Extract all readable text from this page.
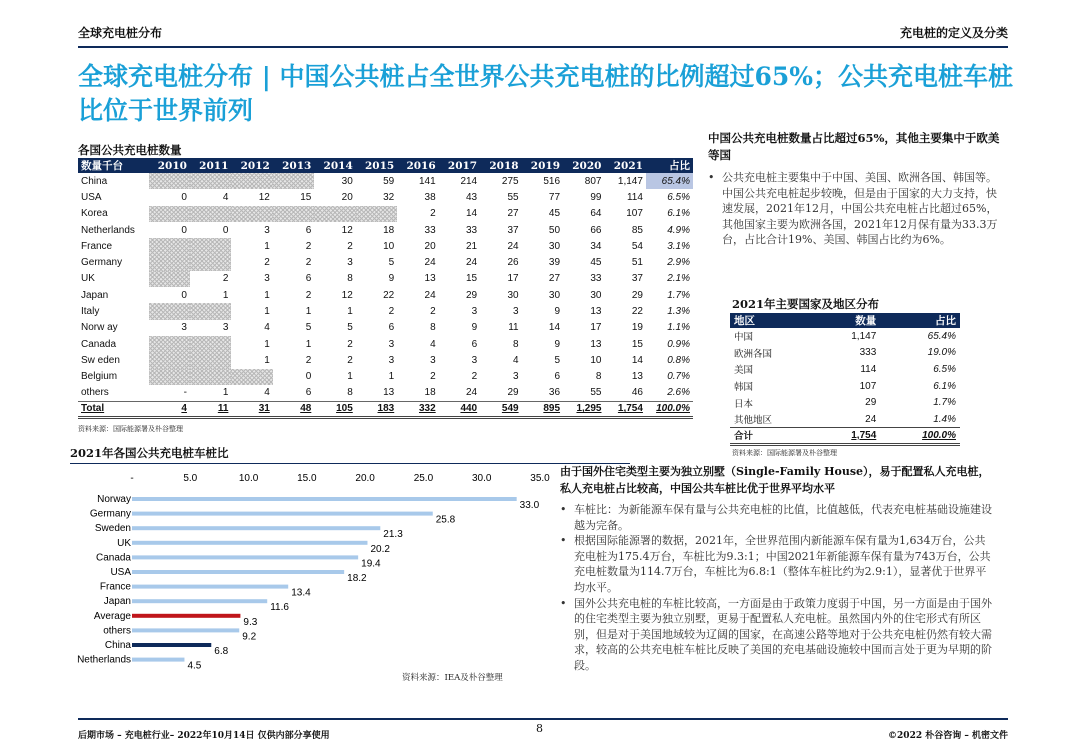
全球充电桩分布	充电桩的定义及分类
全球充电桩分布 | 中国公共桩占全世界公共充电桩的比例超过65%；公共充电桩车桩比位于世界前列
各国公共充电桩数量
数量千台	2010	2011	2012	2013	2014	2015	2016	2017	2018	2019	2020	2021	占比
China					30	59	141	214	275	516	807	1,147	65.4%
USA	0	4	12	15	20	32	38	43	55	77	99	114	6.5%
Korea							2	14	27	45	64	107	6.1%
Netherlands	0	0	3	6	12	18	33	33	37	50	66	85	4.9%
France			1	2	2	10	20	21	24	30	34	54	3.1%
Germany			2	2	3	5	24	24	26	39	45	51	2.9%
UK		2	3	6	8	9	13	15	17	27	33	37	2.1%
Japan	0	1	1	2	12	22	24	29	30	30	30	29	1.7%
Italy			1	1	1	2	2	3	3	9	13	22	1.3%
Norw ay	3	3	4	5	5	6	8	9	11	14	17	19	1.1%
Canada			1	1	2	3	4	6	8	9	13	15	0.9%
Sw eden			1	2	2	3	3	3	4	5	10	14	0.8%
Belgium				0	1	1	2	2	3	6	8	13	0.7%
others	-	1	4	6	8	13	18	24	29	36	55	46	2.6%
Total	4	11	31	48	105	183	332	440	549	895	1,295	1,754	100.0%
资料来源：国际能源署及朴谷整理
2021年各国公共充电桩车桩比
-	5.0	10.0	15.0	20.0	25.0	30.0	35.0
Norway
33.0
Germany
25.8
Sweden
21.3
UK
20.2
Canada
19.4
USA
18.2
France
13.4
Japan
11.6
Average
9.3
others
9.2
China
6.8
Netherlands
4.5
资料来源：IEA及朴谷整理
中国公共充电桩数量占比超过65%，其他主要集中于欧美等国
• 公共充电桩主要集中于中国、美国、欧洲各国、韩国等。中国公共充电桩起步较晚，但是由于国家的大力支持，快速发展，2021年12月，中国公共充电桩占比超过65%，其他国家主要为欧洲各国，2021年12月保有量为33.3万台，占比合计19%、美国、韩国占比约为6%。
2021年主要国家及地区分布
地区	数量	占比
中国	1,147	65.4%
欧洲各国	333	19.0%
美国	114	6.5%
韩国	107	6.1%
日本	29	1.7%
其他地区	24	1.4%
合计	1,754	100.0%
资料来源：国际能源署及朴谷整理
由于国外住宅类型主要为独立别墅（Single-Family House），易于配置私人充电桩，私人充电桩占比较高，中国公共车桩比优于世界平均水平
• 车桩比：为新能源车保有量与公共充电桩的比值，比值越低，代表充电桩基础设施建设越为完备。
• 根据国际能源署的数据，2021年，全世界范围内新能源车保有量为1,634万台，公共充电桩为175.4万台，车桩比为9.3:1；中国2021年新能源车保有量为743万台，公共充电桩数量为114.7万台，车桩比为6.8:1（整体车桩比约为2.9:1），显著优于世界平均水平。
• 国外公共充电桩的车桩比较高，一方面是由于政策力度弱于中国，另一方面是由于国外的住宅类型主要为独立别墅，更易于配置私人充电桩。虽然国内外的住宅形式有所区别，但是对于美国地域较为辽阔的国家，在高速公路等地对于公共充电桩仍然有较大需求，较高的公共充电桩车桩比反映了美国的充电基础设施较中国而言处于更为早期的阶段。
后期市场 – 充电桩行业– 2022年10月14日 仅供内部分享使用
8
©2022 朴谷咨询 – 机密文件
